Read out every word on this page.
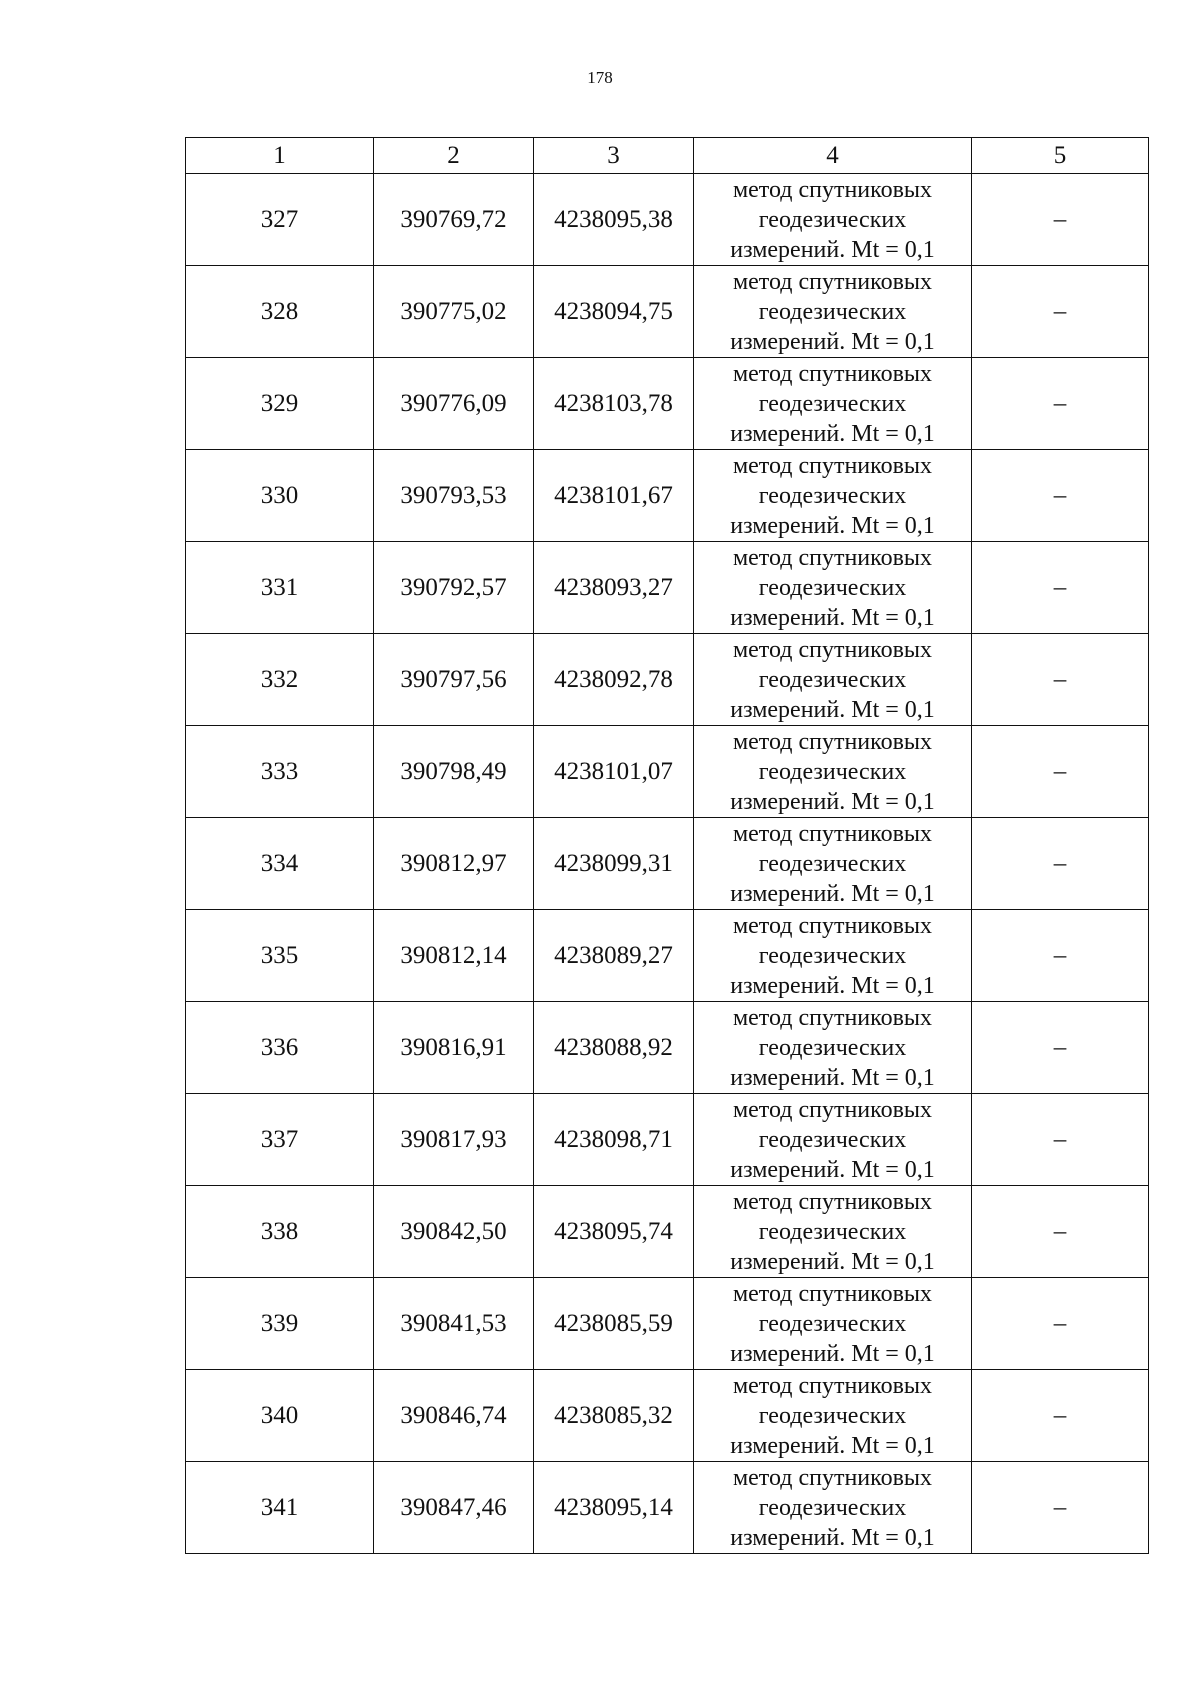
178
1	2	3	4	5
327	390769,72	4238095,38	метод спутниковых
геодезических
измерений. Mt = 0,1	–
328	390775,02	4238094,75	метод спутниковых
геодезических
измерений. Mt = 0,1	–
329	390776,09	4238103,78	метод спутниковых
геодезических
измерений. Mt = 0,1	–
330	390793,53	4238101,67	метод спутниковых
геодезических
измерений. Mt = 0,1	–
331	390792,57	4238093,27	метод спутниковых
геодезических
измерений. Mt = 0,1	–
332	390797,56	4238092,78	метод спутниковых
геодезических
измерений. Mt = 0,1	–
333	390798,49	4238101,07	метод спутниковых
геодезических
измерений. Mt = 0,1	–
334	390812,97	4238099,31	метод спутниковых
геодезических
измерений. Mt = 0,1	–
335	390812,14	4238089,27	метод спутниковых
геодезических
измерений. Mt = 0,1	–
336	390816,91	4238088,92	метод спутниковых
геодезических
измерений. Mt = 0,1	–
337	390817,93	4238098,71	метод спутниковых
геодезических
измерений. Mt = 0,1	–
338	390842,50	4238095,74	метод спутниковых
геодезических
измерений. Mt = 0,1	–
339	390841,53	4238085,59	метод спутниковых
геодезических
измерений. Mt = 0,1	–
340	390846,74	4238085,32	метод спутниковых
геодезических
измерений. Mt = 0,1	–
341	390847,46	4238095,14	метод спутниковых
геодезических
измерений. Mt = 0,1	–
